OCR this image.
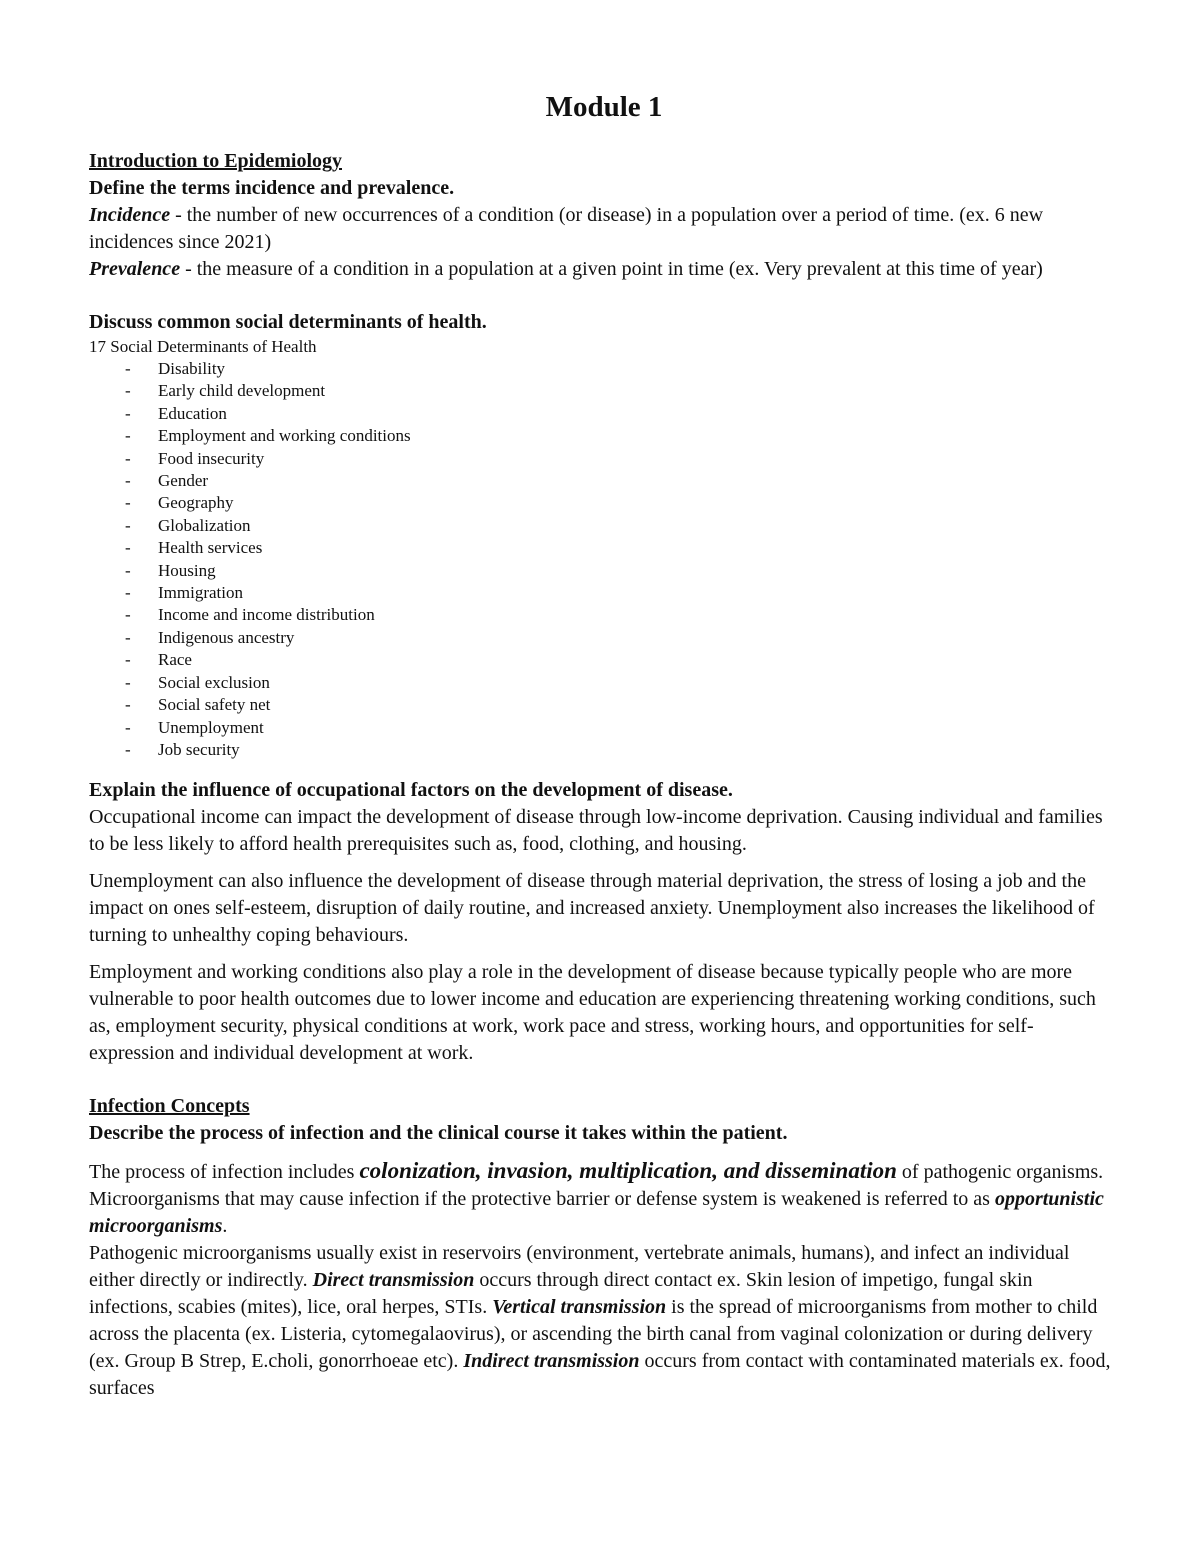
Module 1

Introduction to Epidemiology

Define the terms incidence and prevalence.

Incidence - the number of new occurrences of a condition (or disease) in a population over a period of time. (ex. 6 new incidences since 2021)

Prevalence - the measure of a condition in a population at a given point in time (ex. Very prevalent at this time of year)

Discuss common social determinants of health.

17 Social Determinants of Health

- Disability
- Early child development
- Education
- Employment and working conditions
- Food insecurity
- Gender
- Geography
- Globalization
- Health services
- Housing
- Immigration
- Income and income distribution
- Indigenous ancestry
- Race
- Social exclusion
- Social safety net
- Unemployment
- Job security

Explain the influence of occupational factors on the development of disease.

Occupational income can impact the development of disease through low-income deprivation. Causing individual and families to be less likely to afford health prerequisites such as, food, clothing, and housing.

Unemployment can also influence the development of disease through material deprivation, the stress of losing a job and the impact on ones self-esteem, disruption of daily routine, and increased anxiety. Unemployment also increases the likelihood of turning to unhealthy coping behaviours.

Employment and working conditions also play a role in the development of disease because typically people who are more vulnerable to poor health outcomes due to lower income and education are experiencing threatening working conditions, such as, employment security, physical conditions at work, work pace and stress, working hours, and opportunities for self-expression and individual development at work.

Infection Concepts

Describe the process of infection and the clinical course it takes within the patient.

The process of infection includes colonization, invasion, multiplication, and dissemination of pathogenic organisms. Microorganisms that may cause infection if the protective barrier or defense system is weakened is referred to as opportunistic microorganisms.

Pathogenic microorganisms usually exist in reservoirs (environment, vertebrate animals, humans), and infect an individual either directly or indirectly. Direct transmission occurs through direct contact ex. Skin lesion of impetigo, fungal skin infections, scabies (mites), lice, oral herpes, STIs. Vertical transmission is the spread of microorganisms from mother to child across the placenta (ex. Listeria, cytomegalaovirus), or ascending the birth canal from vaginal colonization or during delivery (ex. Group B Strep, E.choli, gonorrhoeae etc). Indirect transmission occurs from contact with contaminated materials ex. food, surfaces
